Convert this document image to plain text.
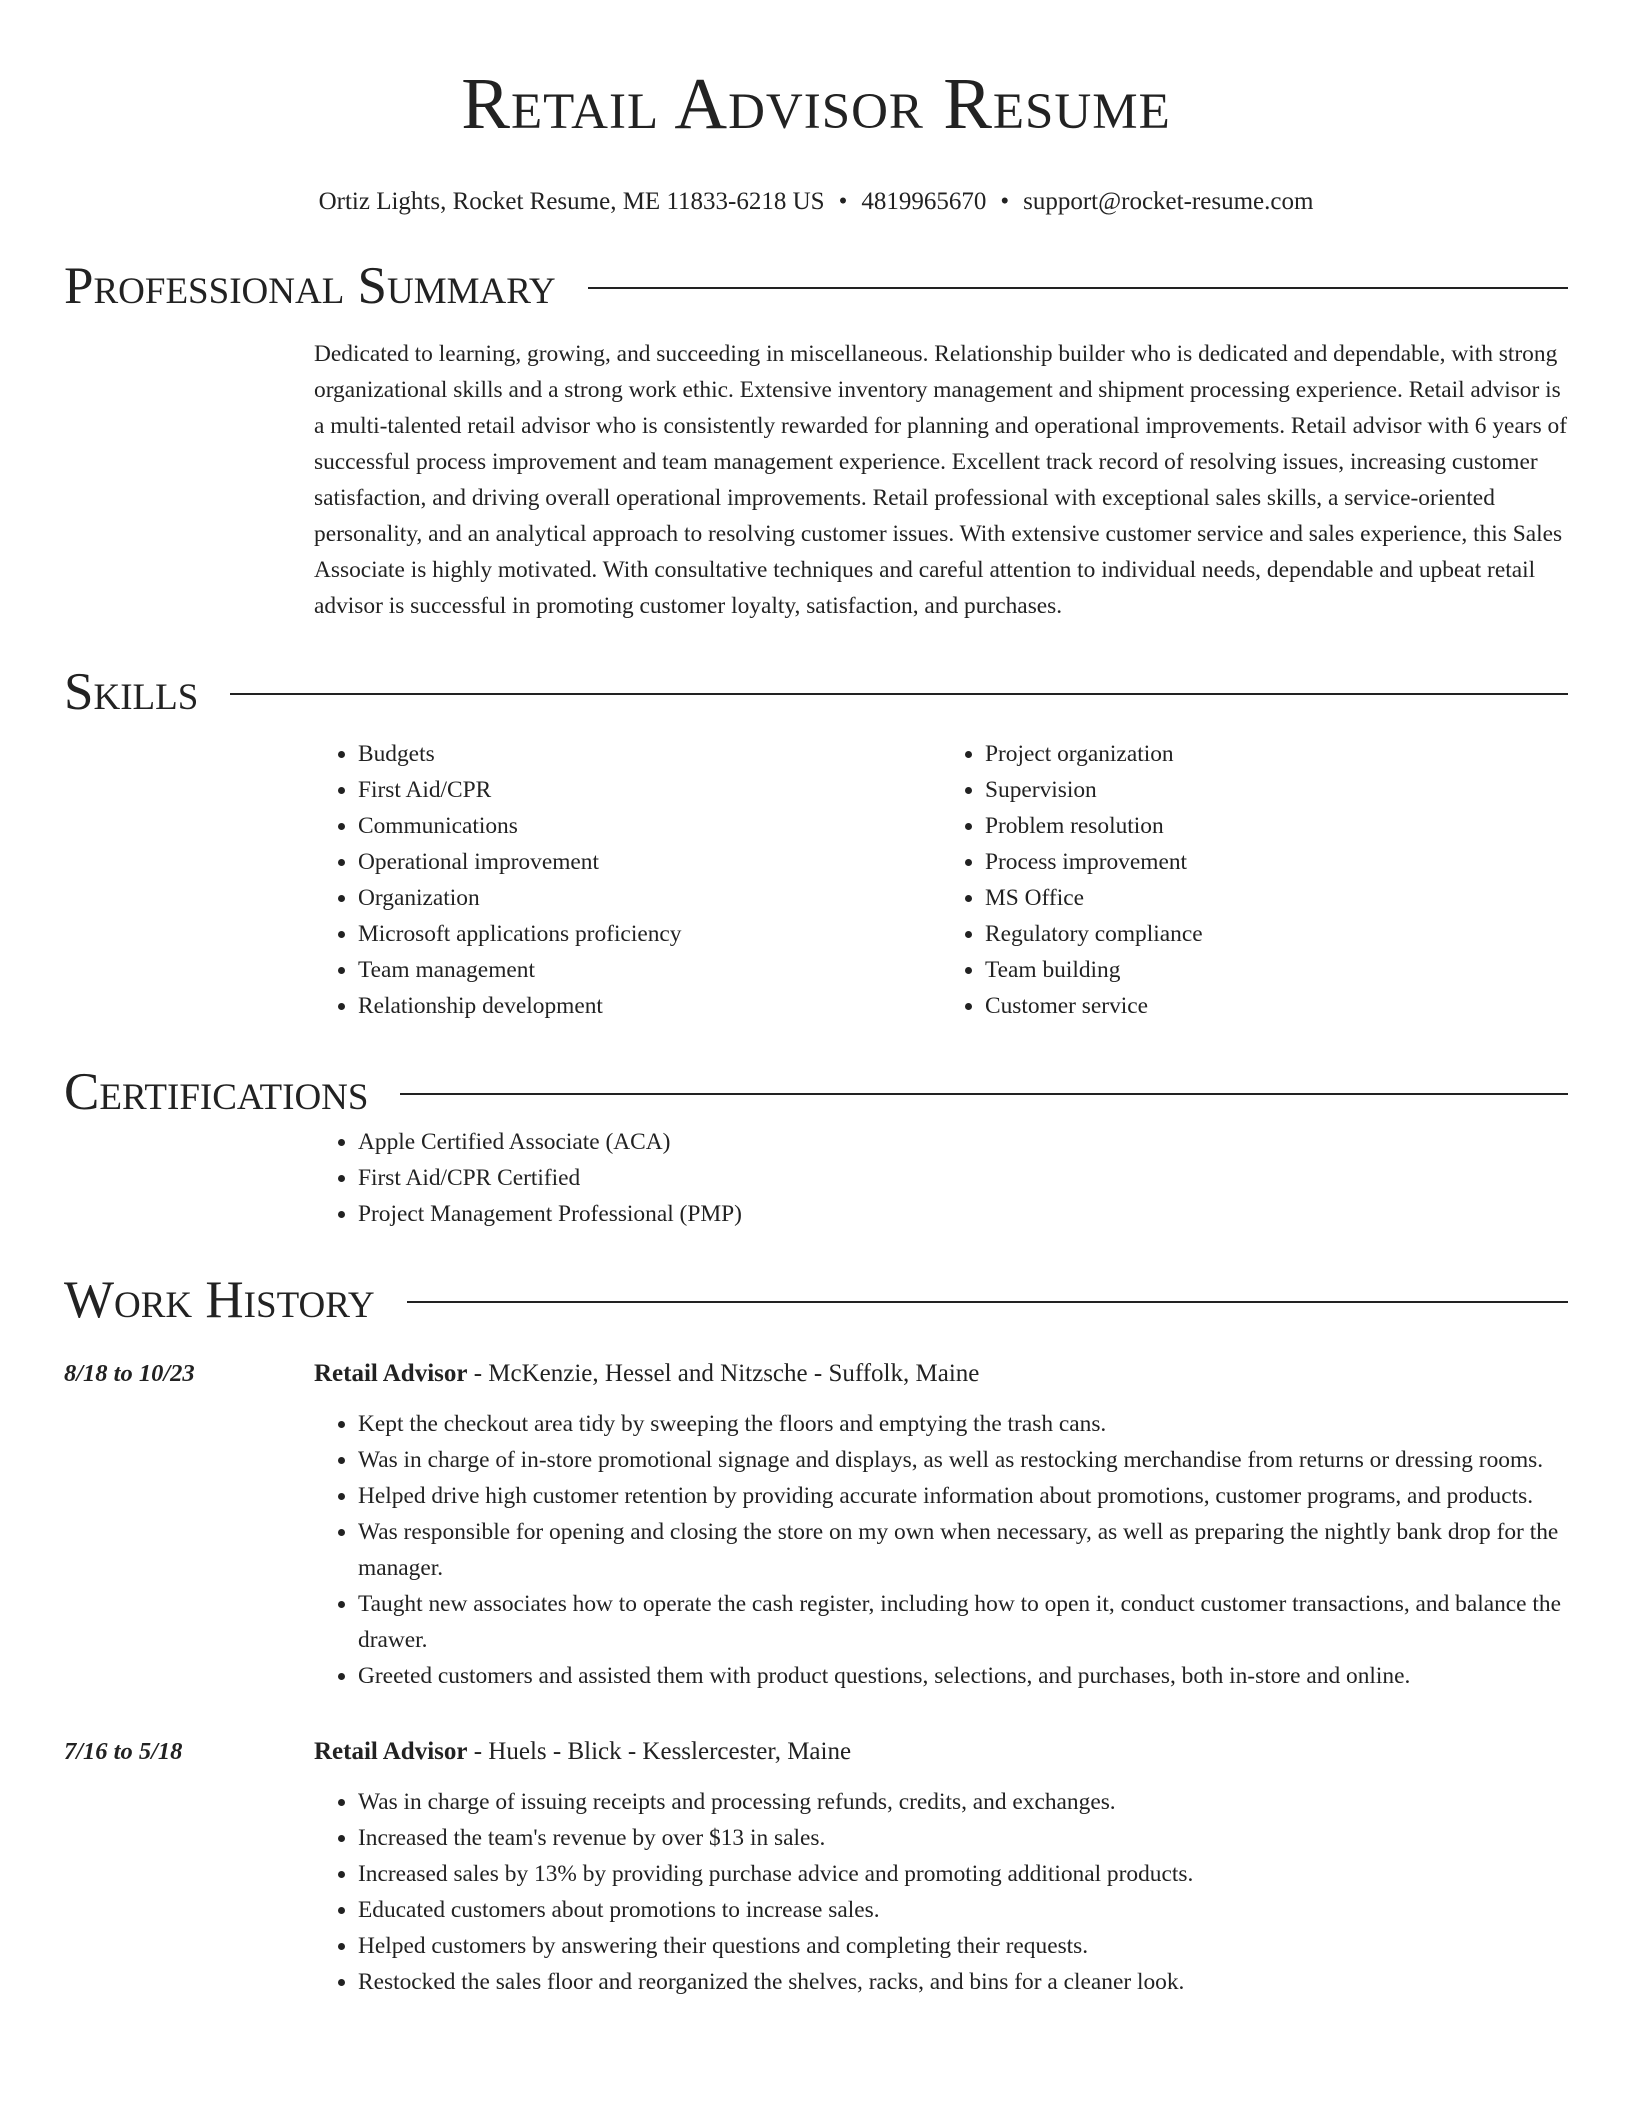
Retail Advisor Resume
Ortiz Lights, Rocket Resume, ME 11833-6218 US • 4819965670 • support@rocket-resume.com
Professional Summary

Dedicated to learning, growing, and succeeding in miscellaneous. Relationship builder who is dedicated and dependable, with strong organizational skills and a strong work ethic. Extensive inventory management and shipment processing experience. Retail advisor is a multi-talented retail advisor who is consistently rewarded for planning and operational improvements. Retail advisor with 6 years of successful process improvement and team management experience. Excellent track record of resolving issues, increasing customer satisfaction, and driving overall operational improvements. Retail professional with exceptional sales skills, a service-oriented personality, and an analytical approach to resolving customer issues. With extensive customer service and sales experience, this Sales Associate is highly motivated. With consultative techniques and careful attention to individual needs, dependable and upbeat retail advisor is successful in promoting customer loyalty, satisfaction, and purchases.

Skills
• Budgets
• First Aid/CPR
• Communications
• Operational improvement
• Organization
• Microsoft applications proficiency
• Team management
• Relationship development
• Project organization
• Supervision
• Problem resolution
• Process improvement
• MS Office
• Regulatory compliance
• Team building
• Customer service
Certifications
• Apple Certified Associate (ACA)
• First Aid/CPR Certified
• Project Management Professional (PMP)
Work History
8/18 to 10/23	Retail Advisor - McKenzie, Hessel and Nitzsche - Suffolk, Maine
• Kept the checkout area tidy by sweeping the floors and emptying the trash cans.
• Was in charge of in-store promotional signage and displays, as well as restocking merchandise from returns or dressing rooms.
• Helped drive high customer retention by providing accurate information about promotions, customer programs, and products.
• Was responsible for opening and closing the store on my own when necessary, as well as preparing the nightly bank drop for the manager.
• Taught new associates how to operate the cash register, including how to open it, conduct customer transactions, and balance the drawer.
• Greeted customers and assisted them with product questions, selections, and purchases, both in-store and online.
7/16 to 5/18	Retail Advisor - Huels - Blick - Kesslercester, Maine
• Was in charge of issuing receipts and processing refunds, credits, and exchanges.
• Increased the team's revenue by over $13 in sales.
• Increased sales by 13% by providing purchase advice and promoting additional products.
• Educated customers about promotions to increase sales.
• Helped customers by answering their questions and completing their requests.
• Restocked the sales floor and reorganized the shelves, racks, and bins for a cleaner look.
